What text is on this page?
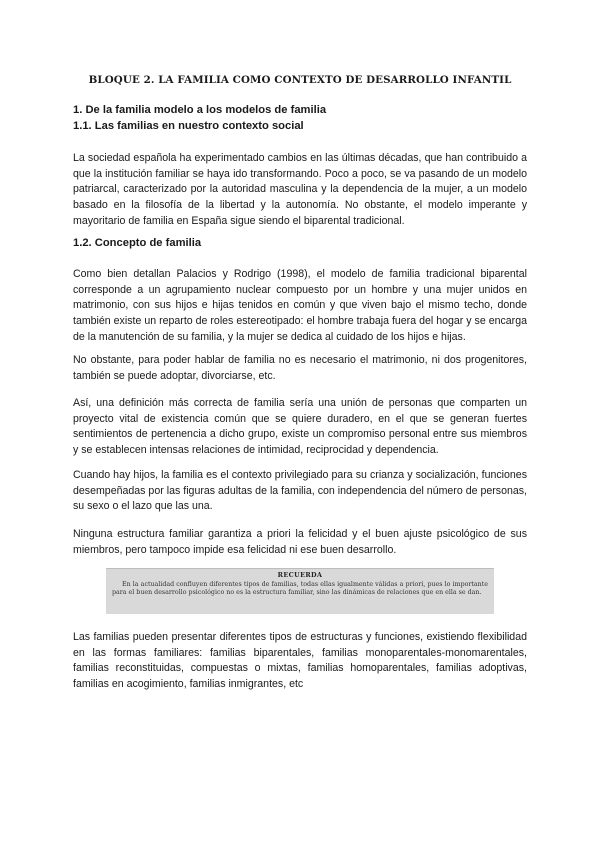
BLOQUE 2. LA FAMILIA COMO CONTEXTO DE DESARROLLO INFANTIL
1. De la familia modelo a los modelos de familia
1.1. Las familias en nuestro contexto social
La sociedad española ha experimentado cambios en las últimas décadas, que han contribuido a que la institución familiar se haya ido transformando. Poco a poco, se va pasando de un modelo patriarcal, caracterizado por la autoridad masculina y la dependencia de la mujer, a un modelo basado en la filosofía de la libertad y la autonomía. No obstante, el modelo imperante y mayoritario de familia en España sigue siendo el biparental tradicional.
1.2. Concepto de familia
Como bien detallan Palacios y Rodrigo (1998), el modelo de familia tradicional biparental corresponde a un agrupamiento nuclear compuesto por un hombre y una mujer unidos en matrimonio, con sus hijos e hijas tenidos en común y que viven bajo el mismo techo, donde también existe un reparto de roles estereotipado: el hombre trabaja fuera del hogar y se encarga de la manutención de su familia, y la mujer se dedica al cuidado de los hijos e hijas.
No obstante, para poder hablar de familia no es necesario el matrimonio, ni dos progenitores, también se puede adoptar, divorciarse, etc.
Así, una definición más correcta de familia sería una unión de personas que comparten un proyecto vital de existencia común que se quiere duradero, en el que se generan fuertes sentimientos de pertenencia a dicho grupo, existe un compromiso personal entre sus miembros y se establecen intensas relaciones de intimidad, reciprocidad y dependencia.
Cuando hay hijos, la familia es el contexto privilegiado para su crianza y socialización, funciones desempeñadas por las figuras adultas de la familia, con independencia del número de personas, su sexo o el lazo que las una.
Ninguna estructura familiar garantiza a priori la felicidad y el buen ajuste psicológico de sus miembros, pero tampoco impide esa felicidad ni ese buen desarrollo.
RECUERDA
En la actualidad confluyen diferentes tipos de familias, todas ellas igualmente válidas a priori, pues lo importante para el buen desarrollo psicológico no es la estructura familiar, sino las dinámicas de relaciones que en ella se dan.
Las familias pueden presentar diferentes tipos de estructuras y funciones, existiendo flexibilidad en las formas familiares: familias biparentales, familias monoparentales-monomarentales, familias reconstituidas, compuestas o mixtas, familias homoparentales, familias adoptivas, familias en acogimiento, familias inmigrantes, etc
